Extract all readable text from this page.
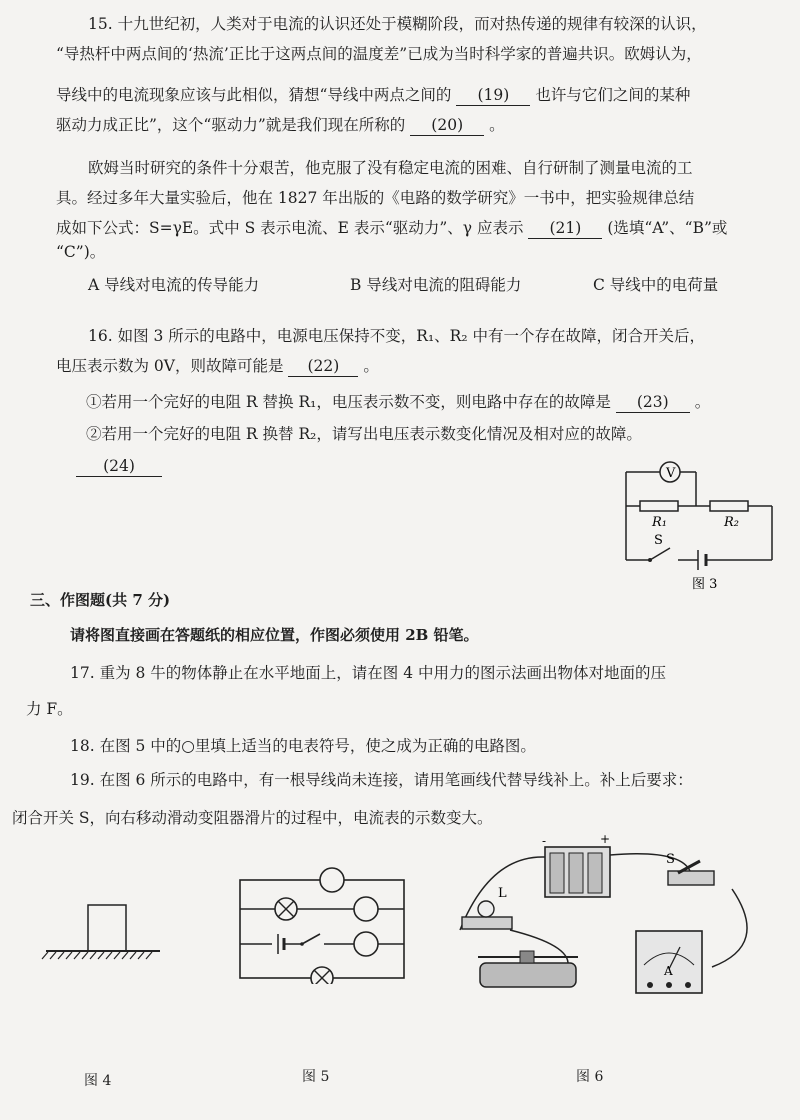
15. 十九世纪初，人类对于电流的认识还处于模糊阶段，而对热传递的规律有较深的认识，
“导热杆中两点间的‘热流’正比于这两点间的温度差”已成为当时科学家的普遍共识。欧姆认为，
导线中的电流现象应该与此相似，猜想“导线中两点之间的 (19) 也许与它们之间的某种
驱动力成正比”，这个“驱动力”就是我们现在所称的 (20) 。
欧姆当时研究的条件十分艰苦，他克服了没有稳定电流的困难、自行研制了测量电流的工
具。经过多年大量实验后，他在 1827 年出版的《电路的数学研究》一书中，把实验规律总结
成如下公式：S=γE。式中 S 表示电流、E 表示“驱动力”、γ 应表示 (21) (选填“A”、“B”或
“C”)。
A 导线对电流的传导能力	B 导线对电流的阻碍能力	C 导线中的电荷量
16. 如图 3 所示的电路中，电源电压保持不变，R₁、R₂ 中有一个存在故障，闭合开关后，
电压表示数为 0V，则故障可能是 (22) 。
①若用一个完好的电阻 R 替换 R₁，电压表示数不变，则电路中存在的故障是 (23) 。
②若用一个完好的电阻 R 换替 R₂，请写出电压表示数变化情况及相对应的故障。
(24)	V
R₁	R₂
S
图 3
三、作图题(共 7 分)
请将图直接画在答题纸的相应位置，作图必须使用 2B 铅笔。
17. 重为 8 牛的物体静止在水平地面上，请在图 4 中用力的图示法画出物体对地面的压
力 F。
18. 在图 5 中的○里填上适当的电表符号，使之成为正确的电路图。
19. 在图 6 所示的电路中，有一根导线尚未连接，请用笔画线代替导线补上。补上后要求：
闭合开关 S，向右移动滑动变阻器滑片的过程中，电流表的示数变大。
-	+
S
L
A
图 4	图 5	图 6
